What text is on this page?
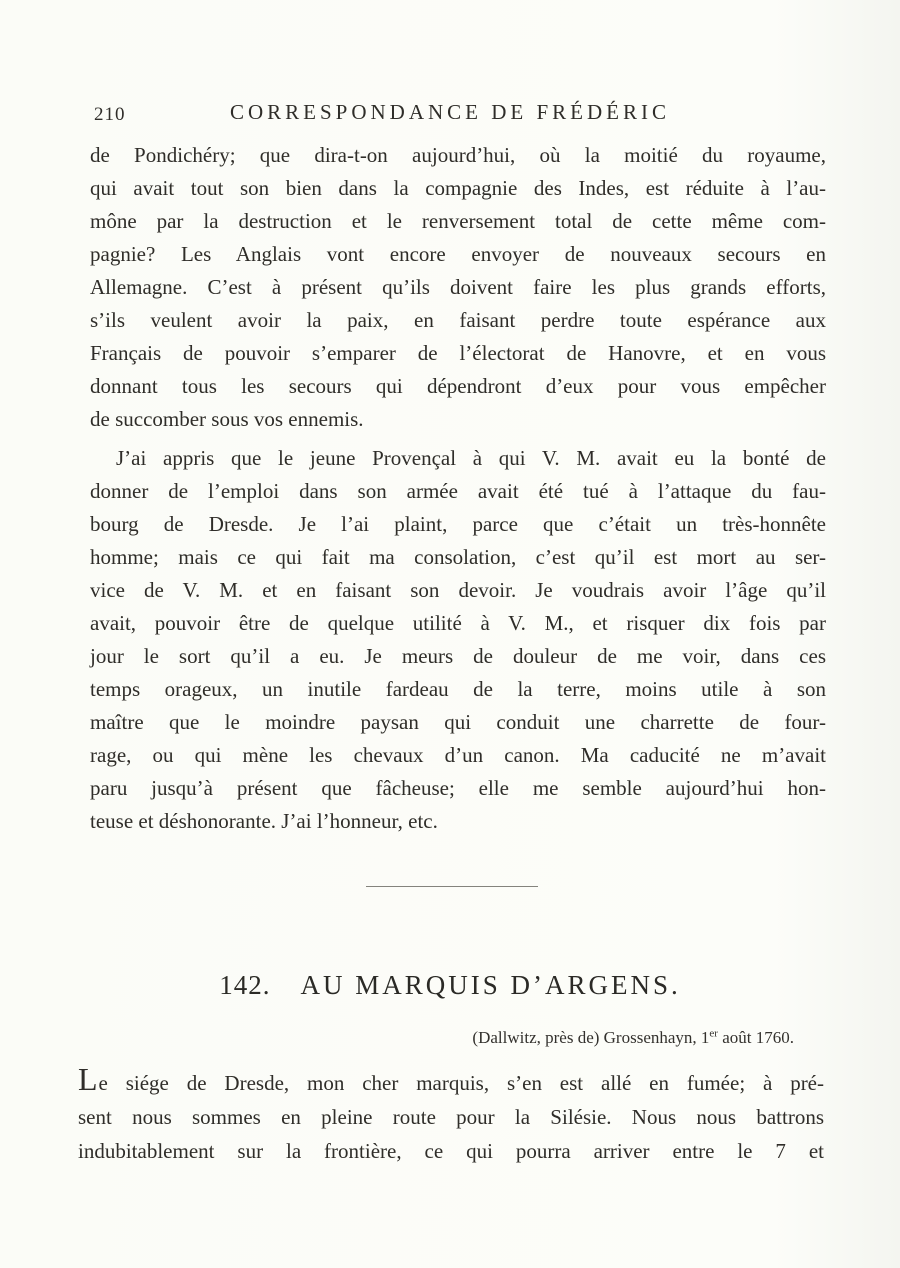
210	CORRESPONDANCE DE FRÉDÉRIC
de Pondichéry; que dira-t-on aujourd’hui, où la moitié du royaume,
qui avait tout son bien dans la compagnie des Indes, est réduite à l’au-
mône par la destruction et le renversement total de cette même com-
pagnie? Les Anglais vont encore envoyer de nouveaux secours en
Allemagne. C’est à présent qu’ils doivent faire les plus grands efforts,
s’ils veulent avoir la paix, en faisant perdre toute espérance aux
Français de pouvoir s’emparer de l’électorat de Hanovre, et en vous
donnant tous les secours qui dépendront d’eux pour vous empêcher
de succomber sous vos ennemis.
J’ai appris que le jeune Provençal à qui V. M. avait eu la bonté de
donner de l’emploi dans son armée avait été tué à l’attaque du fau-
bourg de Dresde. Je l’ai plaint, parce que c’était un très-honnête
homme; mais ce qui fait ma consolation, c’est qu’il est mort au ser-
vice de V. M. et en faisant son devoir. Je voudrais avoir l’âge qu’il
avait, pouvoir être de quelque utilité à V. M., et risquer dix fois par
jour le sort qu’il a eu. Je meurs de douleur de me voir, dans ces
temps orageux, un inutile fardeau de la terre, moins utile à son
maître que le moindre paysan qui conduit une charrette de four-
rage, ou qui mène les chevaux d’un canon. Ma caducité ne m’avait
paru jusqu’à présent que fâcheuse; elle me semble aujourd’hui hon-
teuse et déshonorante. J’ai l’honneur, etc.
142. AU MARQUIS D’ARGENS.
(Dallwitz, près de) Grossenhayn, 1er août 1760.
Le siége de Dresde, mon cher marquis, s’en est allé en fumée; à pré-
sent nous sommes en pleine route pour la Silésie. Nous nous battrons
indubitablement sur la frontière, ce qui pourra arriver entre le 7 et
